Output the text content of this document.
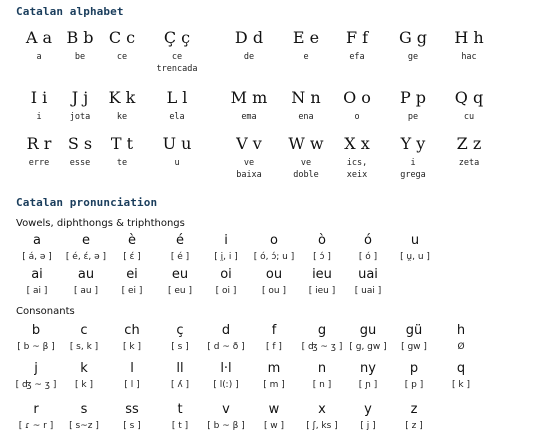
Catalan alphabet
A a
a
B b
be
C c
ce
Ç ç
ce
trencada
D d
de
E e
e
F f
efa
G g
ge
H h
hac
I i
i
J j
jota
K k
ke
L l
ela
M m
ema
N n
ena
O o
o
P p
pe
Q q
cu
R r
erre
S s
esse
T t
te
U u
u
V v
ve
baixa
W w
ve
doble
X x
ics,
xeix
Y y
i
grega
Z z
zeta
Catalan pronunciation
Vowels, diphthongs & triphthongs
a
[ á, ə ]
e
[ é, ɛ́, ə ]
è
[ ɛ́ ]
é
[ é ]
i
[ i̯, i ]
o
[ ó, ɔ́; u ]
ò
[ ɔ́ ]
ó
[ ó ]
u
[ u̯, u ]
ai
[ ai ]
au
[ au ]
ei
[ ei ]
eu
[ eu ]
oi
[ oi ]
ou
[ ou ]
ieu
[ ieu ]
uai
[ uai ]
Consonants
b
[ b ~ β ]
c
[ s, k ]
ch
[ k ]
ç
[ s ]
d
[ d ~ ð ]
f
[ f ]
g
[ ʤ ~ ʒ ]
gu
[ g, gw ]
gü
[ gw ]
h
Ø
j
[ ʤ ~ ʒ ]
k
[ k ]
l
[ l ]
ll
[ ʎ ]
l·l
[ l(ː) ]
m
[ m ]
n
[ n ]
ny
[ ɲ ]
p
[ p ]
q
[ k ]
r
[ ɾ ~ r ]
s
[ s~z ]
ss
[ s ]
t
[ t ]
v
[ b ~ β ]
w
[ w ]
x
[ ʃ, ks ]
y
[ j ]
z
[ z ]
